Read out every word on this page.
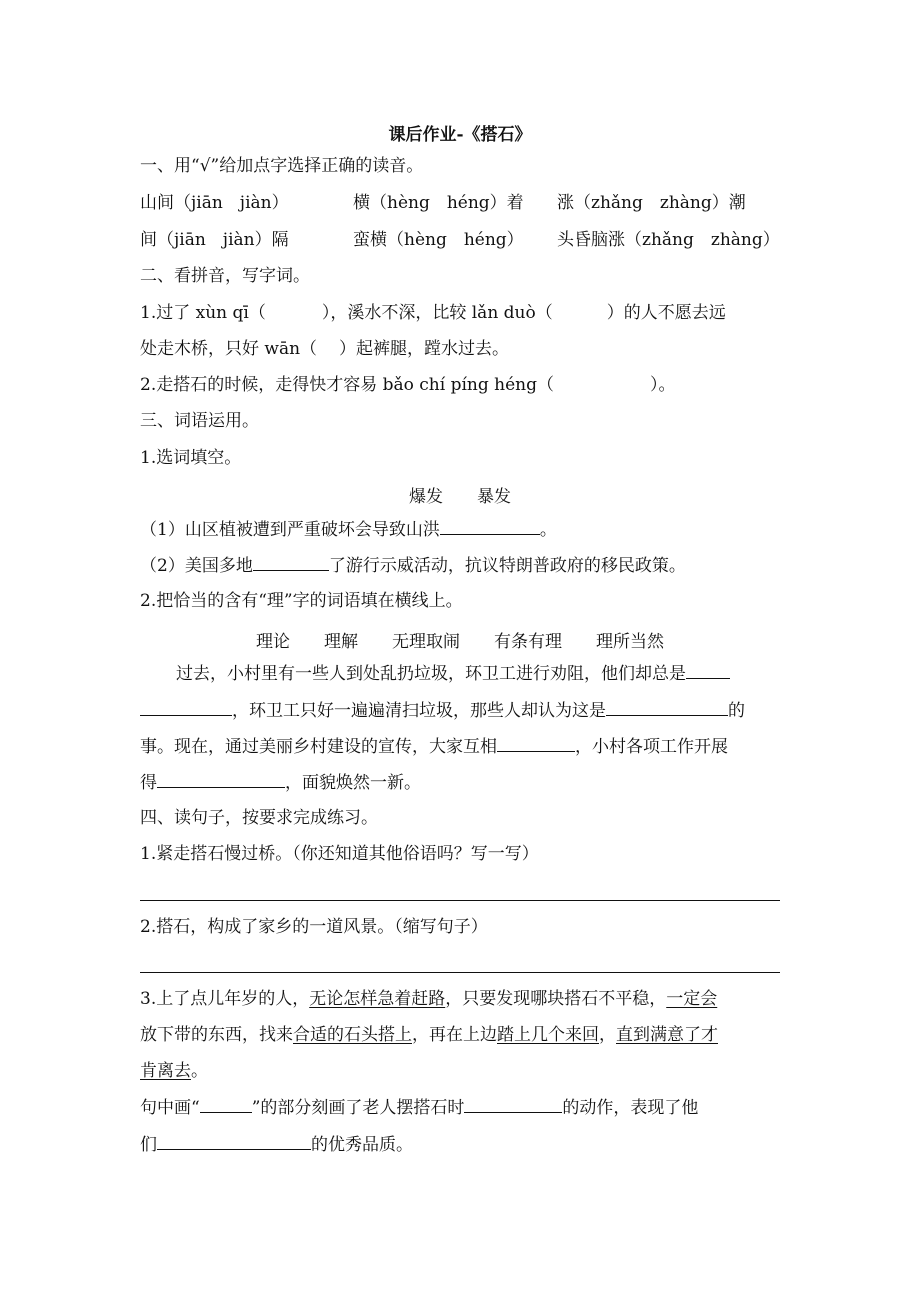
课后作业-《搭石》
一、用“√”给加点字选择正确的读音。
山间（jiān　jiàn）	横（hèng　héng）着 涨（zhǎng　zhàng）潮
间（jiān　jiàn）隔	蛮横（hèng　héng） 头昏脑涨（zhǎng　zhàng）
二、看拼音，写字词。
1.过了 xùn qī（	），溪水不深，比较 lǎn duò（	）的人不愿去远
处走木桥，只好 wān（ ）起裤腿，蹚水过去。
2.走搭石的时候，走得快才容易 bǎo chí píng héng（	）。
三、词语运用。
1.选词填空。
爆发　　暴发
（1）山区植被遭到严重破坏会导致山洪	。
（2）美国多地	了游行示威活动，抗议特朗普政府的移民政策。
2.把恰当的含有“理”字的词语填在横线上。
理论　　理解　　无理取闹　　有条有理　　理所当然
过去，小村里有一些人到处乱扔垃圾，环卫工进行劝阻，他们却总是
，环卫工只好一遍遍清扫垃圾，那些人却认为这是	的
事。现在，通过美丽乡村建设的宣传，大家互相	，小村各项工作开展
得	，面貌焕然一新。
四、读句子，按要求完成练习。
1.紧走搭石慢过桥。（你还知道其他俗语吗？写一写）
2.搭石，构成了家乡的一道风景。（缩写句子）
3.上了点儿年岁的人，无论怎样急着赶路，只要发现哪块搭石不平稳，一定会
放下带的东西，找来合适的石头搭上，再在上边踏上几个来回，直到满意了才
肯离去。
句中画“	”的部分刻画了老人摆搭石时	的动作，表现了他
们	的优秀品质。
